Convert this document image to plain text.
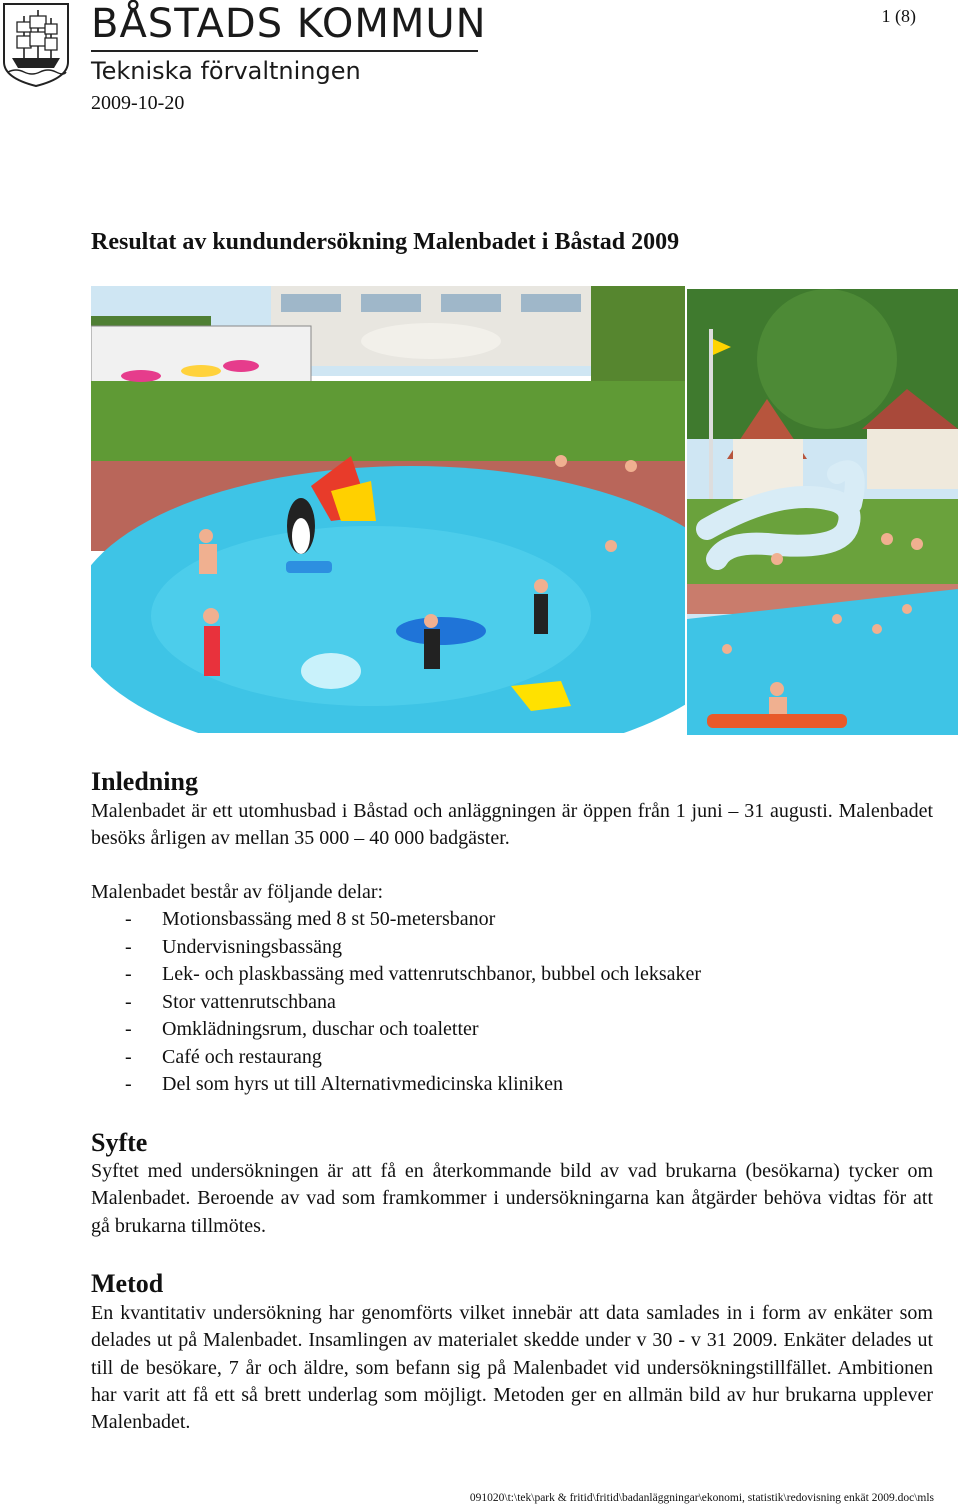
BÅSTADS KOMMUN
Tekniska förvaltningen
1 (8)
2009-10-20
Resultat av kundundersökning Malenbadet i Båstad 2009
Inledning

Malenbadet är ett utomhusbad i Båstad och anläggningen är öppen från 1 juni – 31 augusti. Malenbadet besöks årligen av mellan 35 000 – 40 000 badgäster.

Malenbadet består av följande delar:

- Motionsbassäng med 8 st 50-metersbanor
- Undervisningsbassäng
- Lek- och plaskbassäng med vattenrutschbanor, bubbel och leksaker
- Stor vattenrutschbana
- Omklädningsrum, duschar och toaletter
- Café och restaurang
- Del som hyrs ut till Alternativmedicinska kliniken
Syfte

Syftet med undersökningen är att få en återkommande bild av vad brukarna (besökarna) tycker om Malenbadet. Beroende av vad som framkommer i undersökningarna kan åtgärder behöva vidtas för att gå brukarna tillmötes.

Metod

En kvantitativ undersökning har genomförts vilket innebär att data samlades in i form av enkäter som delades ut på Malenbadet. Insamlingen av materialet skedde under v 30 - v 31 2009. Enkäter delades ut till de besökare, 7 år och äldre, som befann sig på Malenbadet vid undersökningstillfället. Ambitionen har varit att få ett så brett underlag som möjligt. Metoden ger en allmän bild av hur brukarna upplever Malenbadet.

091020\t:\tek\park & fritid\fritid\badanläggningar\ekonomi, statistik\redovisning enkät 2009.doc\mls
